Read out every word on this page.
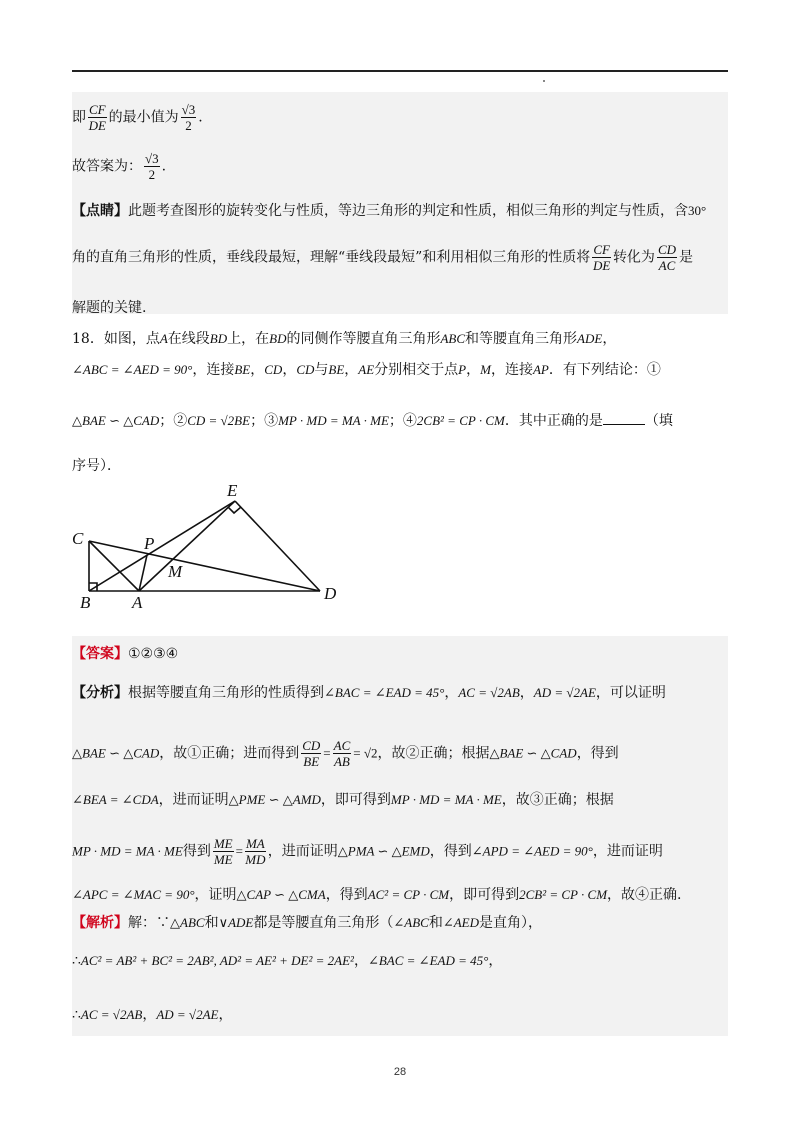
即 $\frac{CF}{DE}$ 的最小值为 $\frac{√3}{2}$ .
故答案为： $\frac{√3}{2}$ .
【点睛】此题考查图形的旋转变化与性质，等边三角形的判定和性质，相似三角形的判定与性质，含30°
角的直角三角形的性质，垂线段最短，理解“垂线段最短”和利用相似三角形的性质将 $\frac{CF}{DE}$ 转化为 $\frac{CD}{AC}$ 是
解题的关键.
18．如图，点A在线段BD上，在BD的同侧作等腰直角三角形ABC和等腰直角三角形ADE，
∠ABC = ∠AED = 90°，连接BE，CD，CD与BE，AE分别相交于点P，M，连接AP．有下列结论：①
△BAE ∽ △CAD；②CD = √2BE；③MP · MD = MA · ME；④2CB² = CP · CM．其中正确的是	（填
序号）．
C	P
M
B A
E
D
【答案】①②③④
【分析】根据等腰直角三角形的性质得到∠BAC = ∠EAD = 45°，AC = √2AB，AD = √2AE，可以证明
△BAE ∽ △CAD，故①正确；进而得到 $\frac{CD}{BE} = \frac{AC}{AB} = √2$，故②正确；根据△BAE ∽ △CAD，得到
∠BEA = ∠CDA，进而证明△PME ∽ △AMD，即可得到MP · MD = MA · ME，故③正确；根据
MP · MD = MA · ME得到 $\frac{ME}{ME} = \frac{MA}{MD}$ ，进而证明△PMA ∽ △EMD，得到∠APD = ∠AED = 90°，进而证明
∠APC = ∠MAC = 90°，证明△CAP ∽ △CMA，得到AC² = CP · CM，即可得到2CB² = CP · CM，故④正确.
【解析】解：∵△ABC和∨ADE都是等腰直角三角形（∠ABC和∠AED是直角），
∴AC² = AB² + BC² = 2AB², AD² = AE² + DE² = 2AE²，∠BAC = ∠EAD = 45°，
∴AC = √2AB，AD = √2AE，
28
